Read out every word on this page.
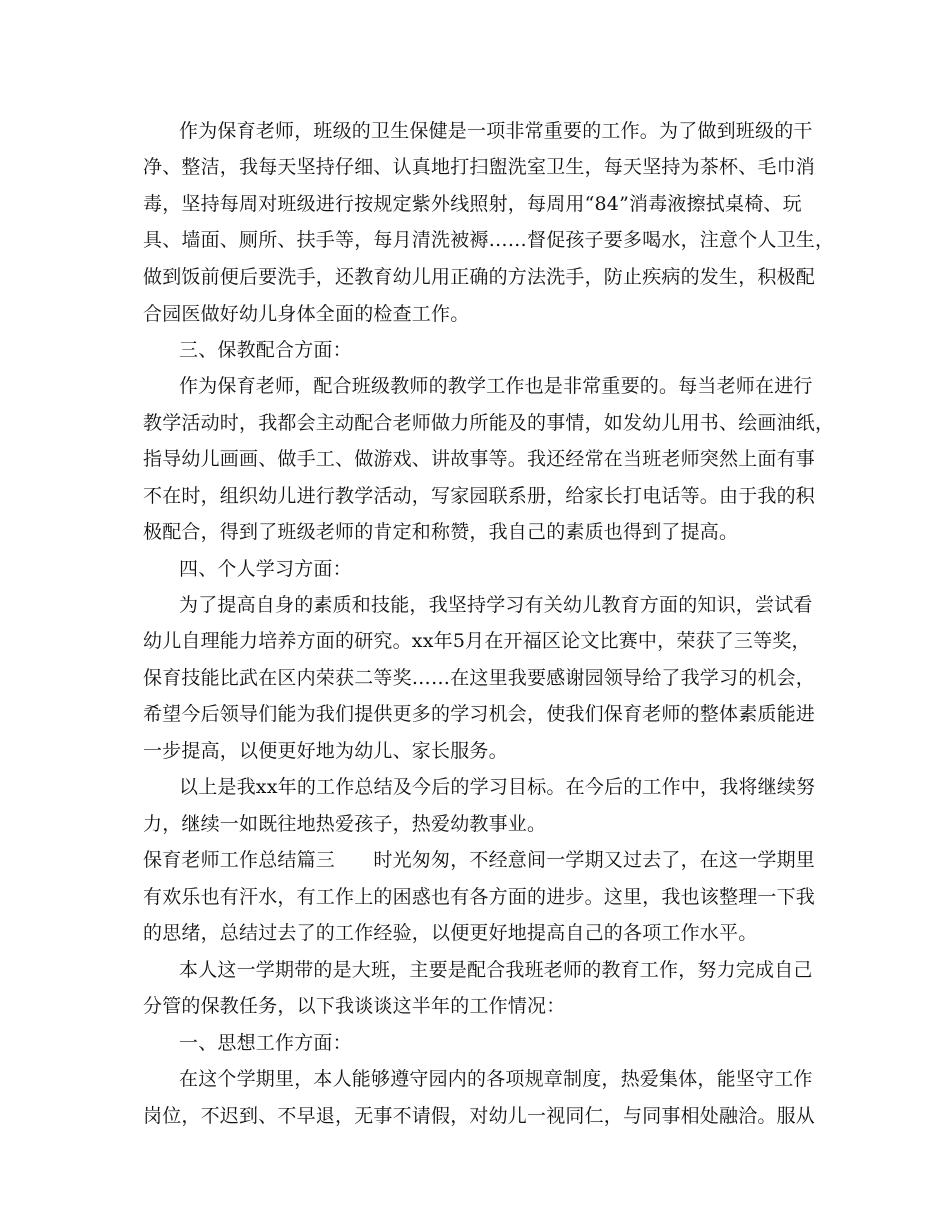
作为保育老师，班级的卫生保健是一项非常重要的工作。为了做到班级的干
净、整洁，我每天坚持仔细、认真地打扫盥洗室卫生，每天坚持为茶杯、毛巾消
毒，坚持每周对班级进行按规定紫外线照射，每周用“84”消毒液擦拭桌椅、玩
具、墙面、厕所、扶手等，每月清洗被褥……督促孩子要多喝水，注意个人卫生，
做到饭前便后要洗手，还教育幼儿用正确的方法洗手，防止疾病的发生，积极配
合园医做好幼儿身体全面的检查工作。
三、保教配合方面：
作为保育老师，配合班级教师的教学工作也是非常重要的。每当老师在进行
教学活动时，我都会主动配合老师做力所能及的事情，如发幼儿用书、绘画油纸，
指导幼儿画画、做手工、做游戏、讲故事等。我还经常在当班老师突然上面有事
不在时，组织幼儿进行教学活动，写家园联系册，给家长打电话等。由于我的积
极配合，得到了班级老师的肯定和称赞，我自己的素质也得到了提高。
四、个人学习方面：
为了提高自身的素质和技能，我坚持学习有关幼儿教育方面的知识，尝试看
幼儿自理能力培养方面的研究。xx年5月在开福区论文比赛中，荣获了三等奖，
保育技能比武在区内荣获二等奖……在这里我要感谢园领导给了我学习的机会，
希望今后领导们能为我们提供更多的学习机会，使我们保育老师的整体素质能进
一步提高，以便更好地为幼儿、家长服务。
以上是我xx年的工作总结及今后的学习目标。在今后的工作中，我将继续努
力，继续一如既往地热爱孩子，热爱幼教事业。
保育老师工作总结篇三　　时光匆匆，不经意间一学期又过去了，在这一学期里
有欢乐也有汗水，有工作上的困惑也有各方面的进步。这里，我也该整理一下我
的思绪，总结过去了的工作经验，以便更好地提高自己的各项工作水平。
本人这一学期带的是大班，主要是配合我班老师的教育工作，努力完成自己
分管的保教任务，以下我谈谈这半年的工作情况：
一、思想工作方面：
在这个学期里，本人能够遵守园内的各项规章制度，热爱集体，能坚守工作
岗位，不迟到、不早退，无事不请假，对幼儿一视同仁，与同事相处融洽。服从
